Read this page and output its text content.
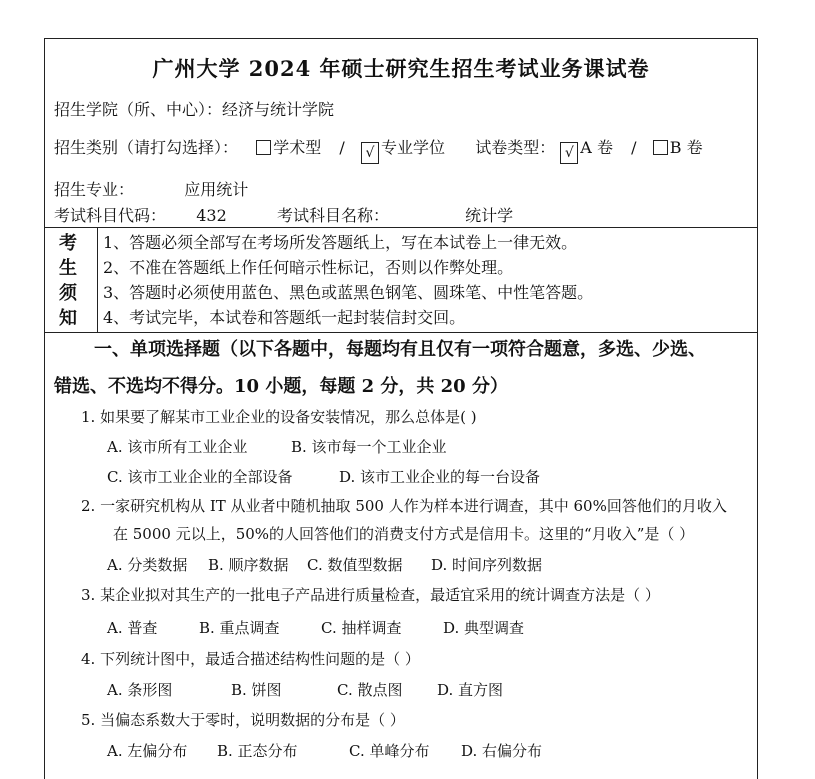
广州大学 2024 年硕士研究生招生考试业务课试卷
招生学院（所、中心）：经济与统计学院
招生类别（请打勾选择）： 学术型 / √ 专业学位 试卷类型： √ A 卷 / B 卷
招生专业：	应用统计
考试科目代码： 432	考试科目名称：	统计学
考
生
须
知
1、答题必须全部写在考场所发答题纸上，写在本试卷上一律无效。
2、不准在答题纸上作任何暗示性标记，否则以作弊处理。
3、答题时必须使用蓝色、黑色或蓝黑色钢笔、圆珠笔、中性笔答题。
4、考试完毕，本试卷和答题纸一起封装信封交回。
一、单项选择题（以下各题中，每题均有且仅有一项符合题意，多选、少选、
错选、不选均不得分。10 小题，每题 2 分，共 20 分）
1. 如果要了解某市工业企业的设备安装情况，那么总体是( )
A. 该市所有工业企业	B. 该市每一个工业企业
C. 该市工业企业的全部设备	D. 该市工业企业的每一台设备
2. 一家研究机构从 IT 从业者中随机抽取 500 人作为样本进行调查，其中 60%回答他们的月收入
在 5000 元以上，50%的人回答他们的消费支付方式是信用卡。这里的“月收入”是（ ）
A. 分类数据 B. 顺序数据 C. 数值型数据 D. 时间序列数据
3. 某企业拟对其生产的一批电子产品进行质量检查，最适宜采用的统计调查方法是（ ）
A. 普查	B. 重点调查	C. 抽样调查	D. 典型调查
4. 下列统计图中，最适合描述结构性问题的是（ ）
A. 条形图	B. 饼图	C. 散点图 D. 直方图
5. 当偏态系数大于零时，说明数据的分布是（ ）
A. 左偏分布 B. 正态分布	C. 单峰分布 D. 右偏分布
